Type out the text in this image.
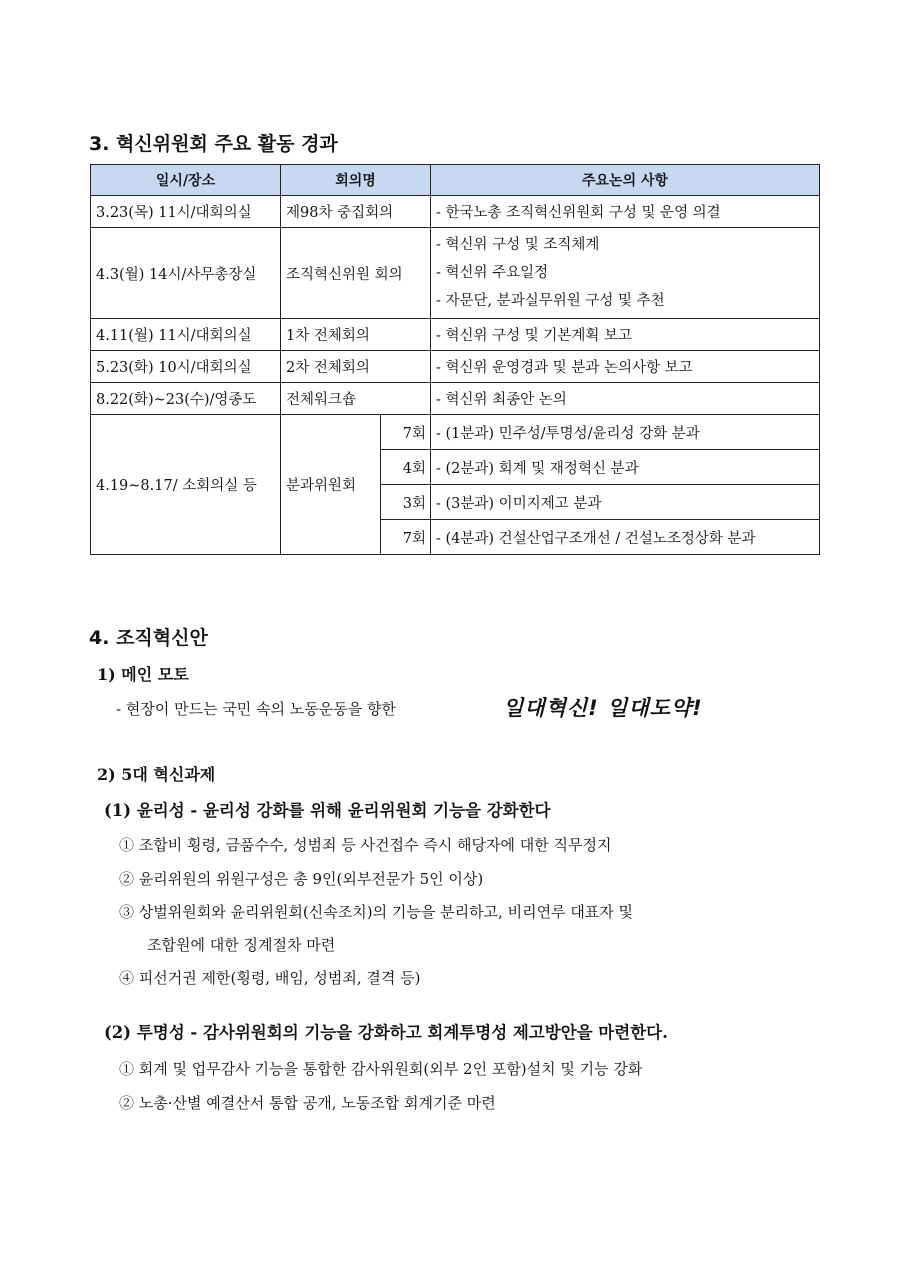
3. 혁신위원회 주요 활동 경과
일시/장소	회의명		주요논의 사항
3.23(목) 11시/대회의실	제98차 중집회의		- 한국노총 조직혁신위원회 구성 및 운영 의결
4.3(월) 14시/사무총장실	조직혁신위원 회의		- 혁신위 구성 및 조직체계
- 혁신위 주요일정
- 자문단, 분과실무위원 구성 및 추천

4.11(월) 11시/대회의실	1차 전체회의		- 혁신위 구성 및 기본계획 보고
5.23(화) 10시/대회의실	2차 전체회의		- 혁신위 운영경과 및 분과 논의사항 보고
8.22(화)~23(수)/영종도	전체워크숍		- 혁신위 최종안 논의
4.19~8.17/ 소회의실 등	분과위원회	7회	- (1분과) 민주성/투명성/윤리성 강화 분과
		4회	- (2분과) 회계 및 재정혁신 분과
		3회	- (3분과) 이미지제고 분과
		7회	- (4분과) 건설산업구조개선 / 건설노조정상화 분과
4. 조직혁신안
1) 메인 모토
- 현장이 만드는 국민 속의 노동운동을 향한	일대혁신! 일대도약!
2) 5대 혁신과제
(1) 윤리성 - 윤리성 강화를 위해 윤리위원회 기능을 강화한다
① 조합비 횡령, 금품수수, 성범죄 등 사건접수 즉시 해당자에 대한 직무정지
② 윤리위원의 위원구성은 총 9인(외부전문가 5인 이상)
③ 상벌위원회와 윤리위원회(신속조치)의 기능을 분리하고, 비리연루 대표자 및
조합원에 대한 징계절차 마련
④ 피선거권 제한(횡령, 배임, 성범죄, 결격 등)
(2) 투명성 - 감사위원회의 기능을 강화하고 회계투명성 제고방안을 마련한다.
① 회계 및 업무감사 기능을 통합한 감사위원회(외부 2인 포함)설치 및 기능 강화
② 노총·산별 예결산서 통합 공개, 노동조합 회계기준 마련
